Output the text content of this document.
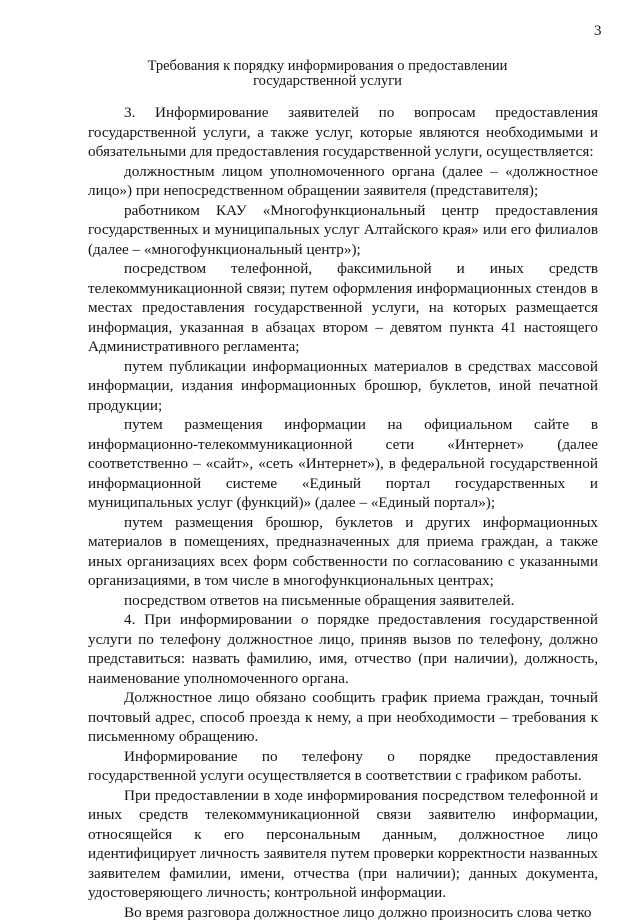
3
Требования к порядку информирования о предоставлении
государственной услуги

3. Информирование заявителей по вопросам предоставления государственной услуги, а также услуг, которые являются необходимыми и обязательными для предоставления государственной услуги, осуществляется:

должностным лицом уполномоченного органа (далее – «должностное лицо») при непосредственном обращении заявителя (представителя);

работником КАУ «Многофункциональный центр предоставления государственных и муниципальных услуг Алтайского края» или его филиалов (далее – «многофункциональный центр»);

посредством телефонной, факсимильной и иных средств телекоммуникационной связи; путем оформления информационных стендов в местах предоставления государственной услуги, на которых размещается информация, указанная в абзацах втором – девятом пункта 41 настоящего Административного регламента;

путем публикации информационных материалов в средствах массовой информации, издания информационных брошюр, буклетов, иной печатной продукции;

путем размещения информации на официальном сайте в информационно-телекоммуникационной сети «Интернет» (далее соответственно – «сайт», «сеть «Интернет»), в федеральной государственной информационной системе «Единый портал государственных и муниципальных услуг (функций)» (далее – «Единый портал»);

путем размещения брошюр, буклетов и других информационных материалов в помещениях, предназначенных для приема граждан, а также иных организациях всех форм собственности по согласованию с указанными организациями, в том числе в многофункциональных центрах;

посредством ответов на письменные обращения заявителей.

4. При информировании о порядке предоставления государственной услуги по телефону должностное лицо, приняв вызов по телефону, должно представиться: назвать фамилию, имя, отчество (при наличии), должность, наименование уполномоченного органа.

Должностное лицо обязано сообщить график приема граждан, точный почтовый адрес, способ проезда к нему, а при необходимости – требования к письменному обращению.

Информирование по телефону о порядке предоставления государственной услуги осуществляется в соответствии с графиком работы.

При предоставлении в ходе информирования посредством телефонной и иных средств телекоммуникационной связи заявителю информации, относящейся к его персональным данным, должностное лицо идентифицирует личность заявителя путем проверки корректности названных заявителем фамилии, имени, отчества (при наличии); данных документа, удостоверяющего личность; контрольной информации.

Во время разговора должностное лицо должно произносить слова четко
